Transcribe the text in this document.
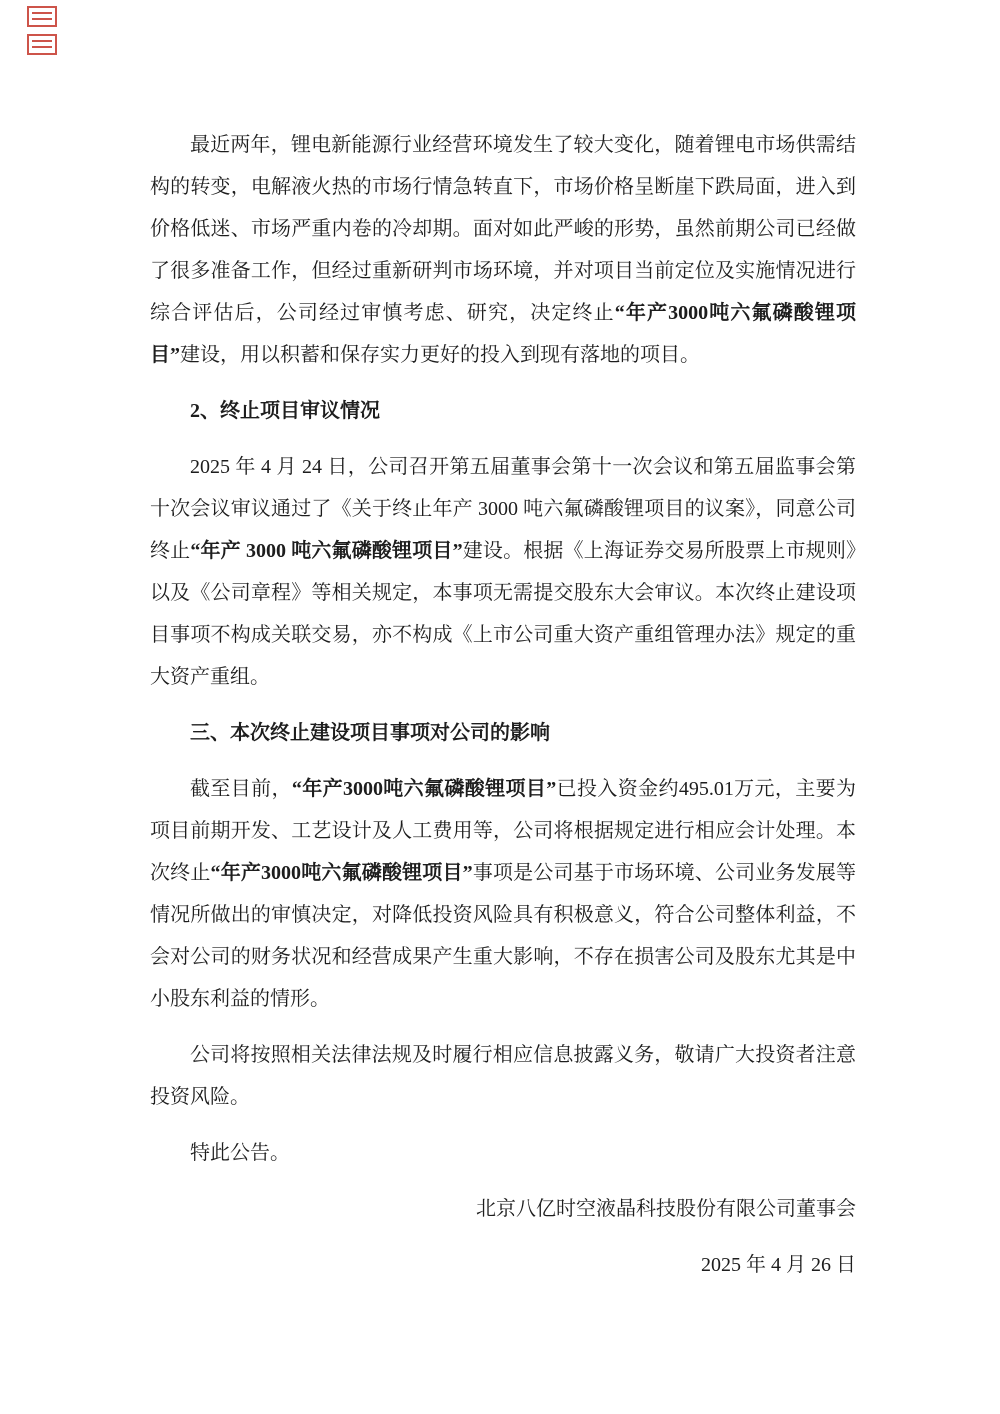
最近两年，锂电新能源行业经营环境发生了较大变化，随着锂电市场供需结构的转变，电解液火热的市场行情急转直下，市场价格呈断崖下跌局面，进入到价格低迷、市场严重内卷的冷却期。面对如此严峻的形势，虽然前期公司已经做了很多准备工作，但经过重新研判市场环境，并对项目当前定位及实施情况进行综合评估后，公司经过审慎考虑、研究，决定终止“年产3000吨六氟磷酸锂项目”建设，用以积蓄和保存实力更好的投入到现有落地的项目。

2、终止项目审议情况

2025 年 4 月 24 日，公司召开第五届董事会第十一次会议和第五届监事会第十次会议审议通过了《关于终止年产 3000 吨六氟磷酸锂项目的议案》，同意公司终止“年产 3000 吨六氟磷酸锂项目”建设。根据《上海证券交易所股票上市规则》以及《公司章程》等相关规定，本事项无需提交股东大会审议。本次终止建设项目事项不构成关联交易，亦不构成《上市公司重大资产重组管理办法》规定的重大资产重组。

三、本次终止建设项目事项对公司的影响

截至目前，“年产3000吨六氟磷酸锂项目”已投入资金约495.01万元，主要为项目前期开发、工艺设计及人工费用等，公司将根据规定进行相应会计处理。本次终止“年产3000吨六氟磷酸锂项目”事项是公司基于市场环境、公司业务发展等情况所做出的审慎决定，对降低投资风险具有积极意义，符合公司整体利益，不会对公司的财务状况和经营成果产生重大影响，不存在损害公司及股东尤其是中小股东利益的情形。

公司将按照相关法律法规及时履行相应信息披露义务，敬请广大投资者注意投资风险。

特此公告。

北京八亿时空液晶科技股份有限公司董事会

2025 年 4 月 26 日
